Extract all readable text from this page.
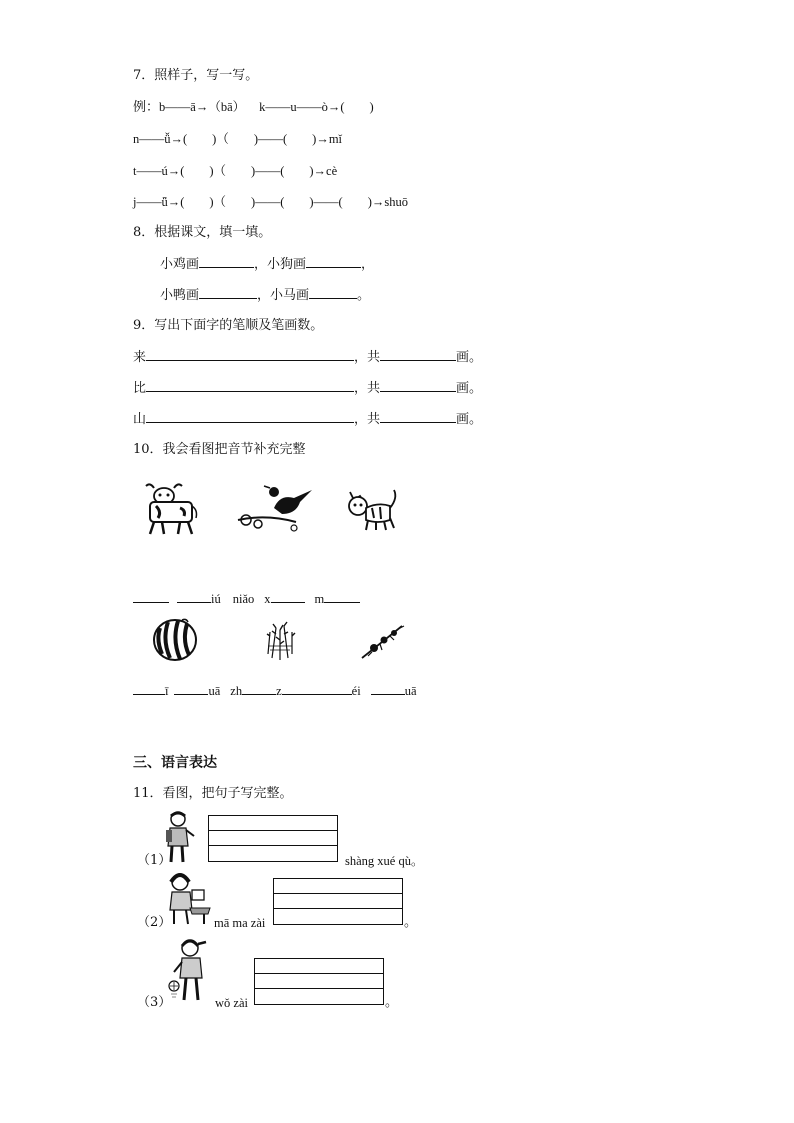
7．照样子，写一写。
例：b——ā→（bā） k——u——ò→(　　)
n——ǚ→(　　)（　　)——(　　)→mǐ
t——ú→(　　)（　　)——(　　)→cè
j——ǖ→(　　)（　　)——(　　)——(　　)→shuō
8．根据课文，填一填。
小鸡画	，小狗画	，
小鸭画	，小马画	。
9．写出下面字的笔顺及笔画数。
来	，共	画。
比	，共	画。
山	，共	画。
10．我会看图把音节补充完整
iú niǎo x	m
ī	uā zh	z	éi	uā
三、语言表达
11．看图，把句子写完整。
（1）	shàng xué qù。
（2）	mā ma zài	。
（3）	wǒ zài	。
